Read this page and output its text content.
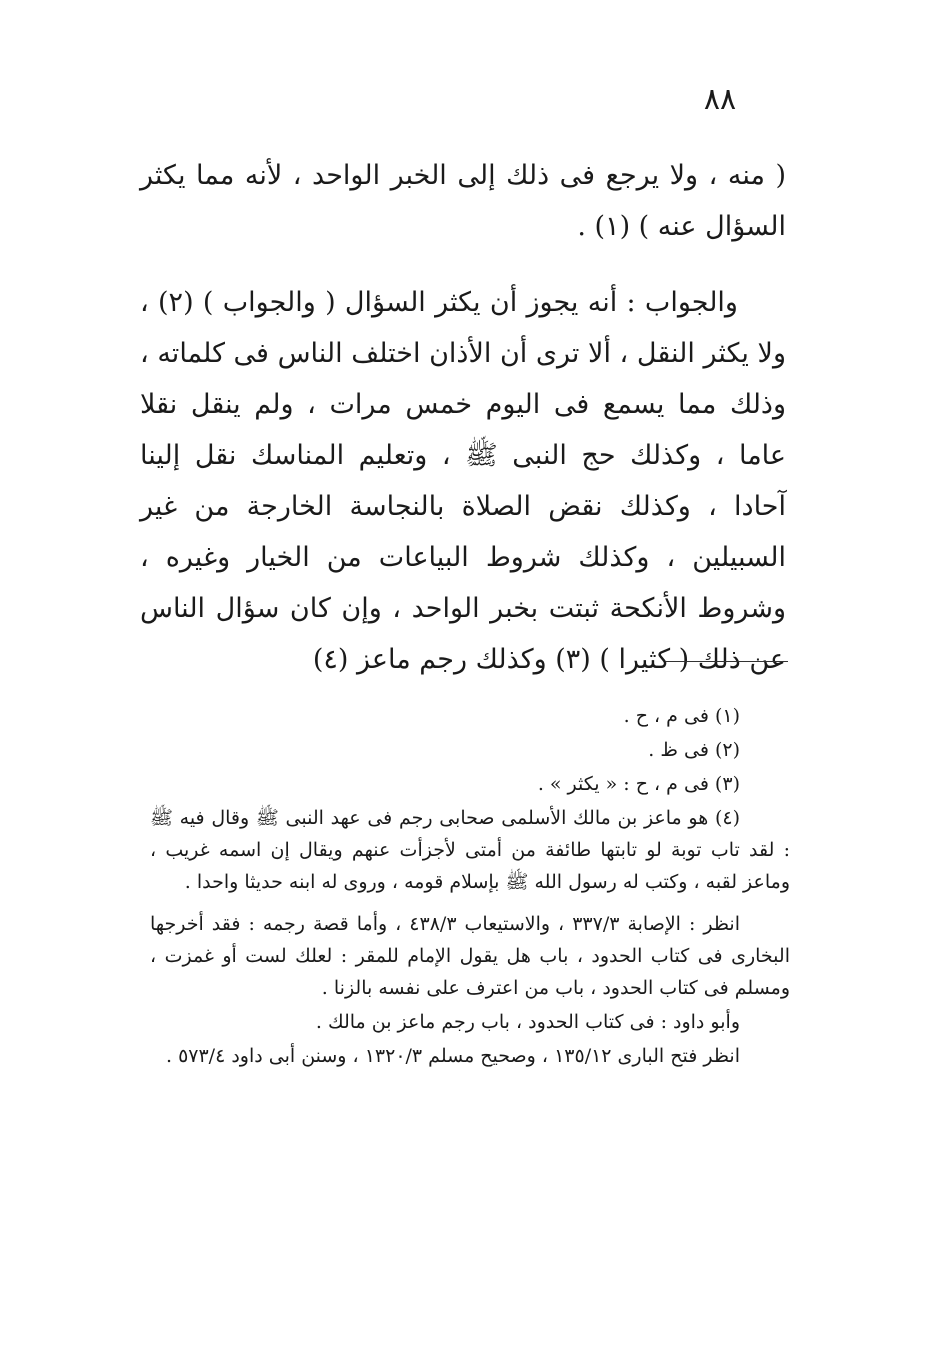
٨٨

( منه ، ولا يرجع فى ذلك إلى الخبر الواحد ، لأنه مما يكثر السؤال عنه ) (١) .

والجواب : أنه يجوز أن يكثر السؤال ( والجواب ) (٢) ، ولا يكثر النقل ، ألا ترى أن الأذان اختلف الناس فى كلماته ، وذلك مما يسمع فى اليوم خمس مرات ، ولم ينقل نقلا عاما ، وكذلك حج النبى ﷺ ، وتعليم المناسك نقل إلينا آحادا ، وكذلك نقض الصلاة بالنجاسة الخارجة من غير السبيلين ، وكذلك شروط البياعات من الخيار وغيره ، وشروط الأنكحة ثبتت بخبر الواحد ، وإن كان سؤال الناس عن ذلك ( كثيرا ) (٣) وكذلك رجم ماعز (٤)

(١) فى م ، ح .

(٢) فى ظ .

(٣) فى م ، ح : « يكثر » .

(٤) هو ماعز بن مالك الأسلمى صحابى رجم فى عهد النبى ﷺ وقال فيه ﷺ : لقد تاب توبة لو تابتها طائفة من أمتى لأجزأت عنهم ويقال إن اسمه غريب ، وماعز لقبه ، وكتب له رسول الله ﷺ بإسلام قومه ، وروى له ابنه حديثا واحدا .

انظر : الإصابة ٣٣٧/٣ ، والاستيعاب ٤٣٨/٣ ، وأما قصة رجمه : فقد أخرجها البخارى فى كتاب الحدود ، باب هل يقول الإمام للمقر : لعلك لست أو غمزت ، ومسلم فى كتاب الحدود ، باب من اعترف على نفسه بالزنا .

وأبو داود : فى كتاب الحدود ، باب رجم ماعز بن مالك .

انظر فتح البارى ١٣٥/١٢ ، وصحيح مسلم ١٣٢٠/٣ ، وسنن أبى داود ٥٧٣/٤ .
